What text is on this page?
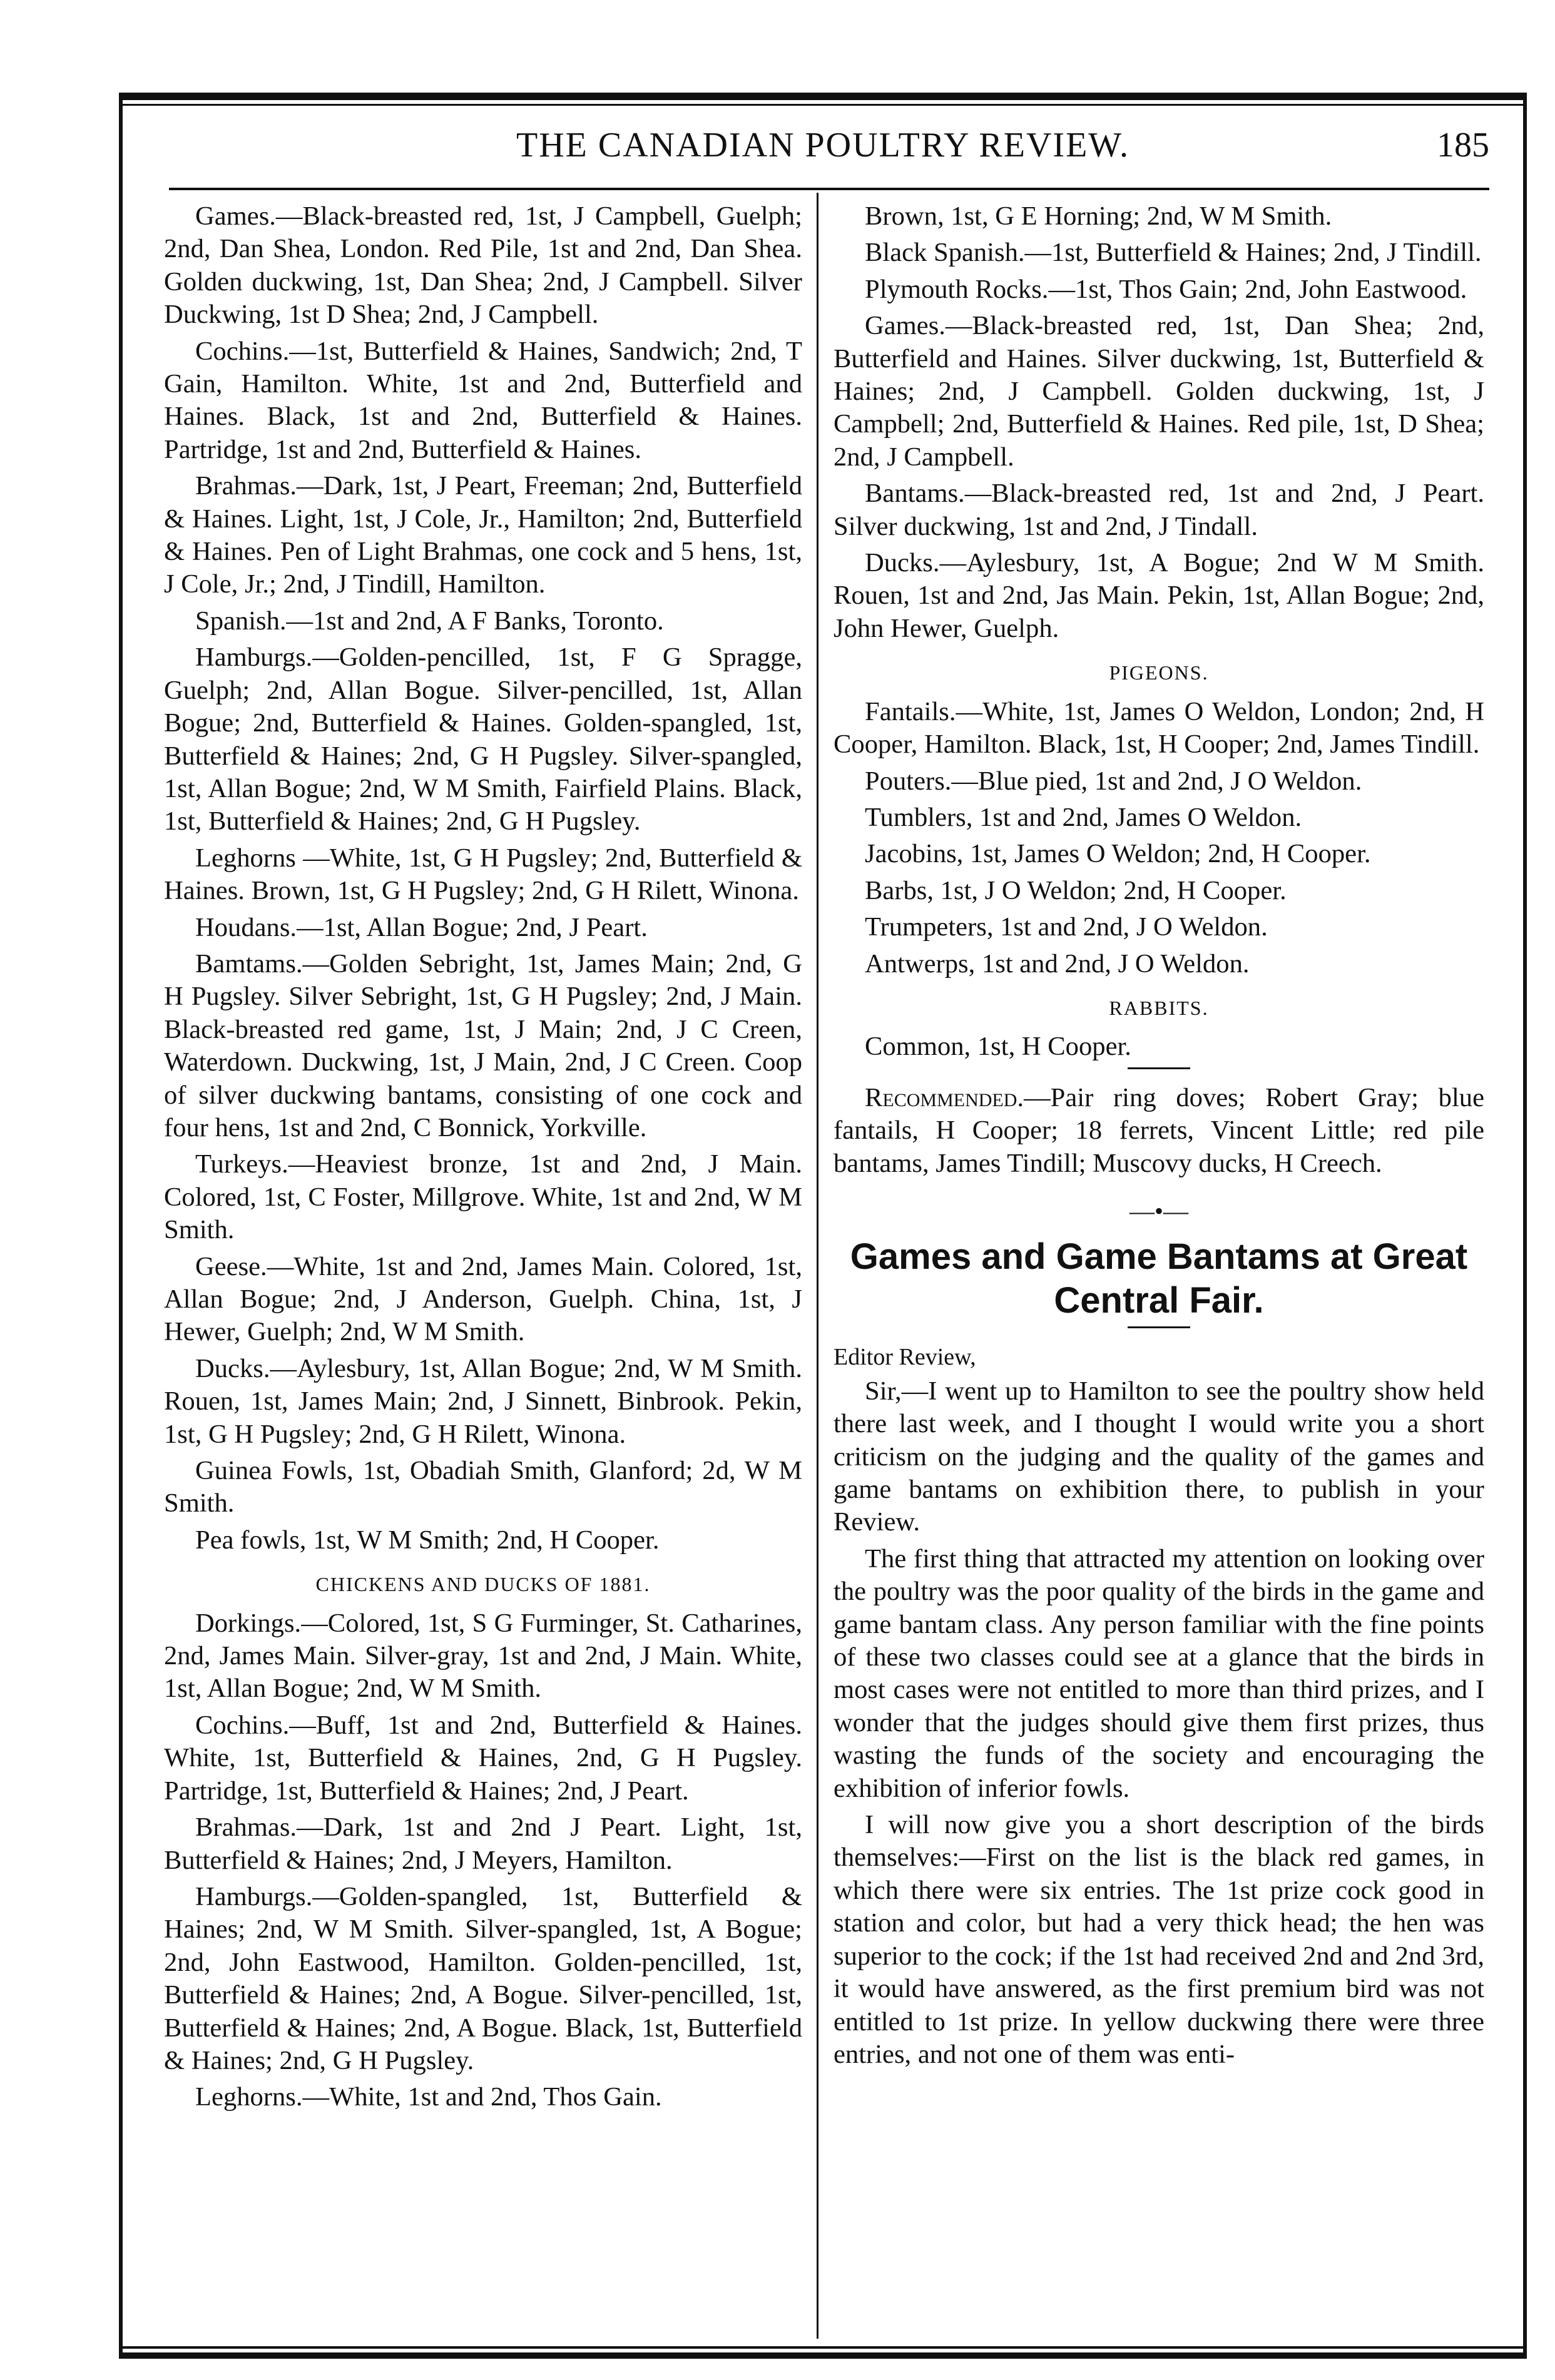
THE CANADIAN POULTRY REVIEW.	185

Games.—Black-breasted red, 1st, J Campbell, Guelph; 2nd, Dan Shea, London. Red Pile, 1st and 2nd, Dan Shea. Golden duckwing, 1st, Dan Shea; 2nd, J Campbell. Silver Duckwing, 1st D Shea; 2nd, J Campbell.

Cochins.—1st, Butterfield & Haines, Sandwich; 2nd, T Gain, Hamilton. White, 1st and 2nd, Butterfield and Haines. Black, 1st and 2nd, Butterfield & Haines. Partridge, 1st and 2nd, Butterfield & Haines.

Brahmas.—Dark, 1st, J Peart, Freeman; 2nd, Butterfield & Haines. Light, 1st, J Cole, Jr., Hamilton; 2nd, Butterfield & Haines. Pen of Light Brahmas, one cock and 5 hens, 1st, J Cole, Jr.; 2nd, J Tindill, Hamilton.

Spanish.—1st and 2nd, A F Banks, Toronto.

Hamburgs.—Golden-pencilled, 1st, F G Spragge, Guelph; 2nd, Allan Bogue. Silver-pencilled, 1st, Allan Bogue; 2nd, Butterfield & Haines. Golden-spangled, 1st, Butterfield & Haines; 2nd, G H Pugsley. Silver-spangled, 1st, Allan Bogue; 2nd, W M Smith, Fairfield Plains. Black, 1st, Butterfield & Haines; 2nd, G H Pugsley.

Leghorns —White, 1st, G H Pugsley; 2nd, Butterfield & Haines. Brown, 1st, G H Pugsley; 2nd, G H Rilett, Winona.

Houdans.—1st, Allan Bogue; 2nd, J Peart.

Bamtams.—Golden Sebright, 1st, James Main; 2nd, G H Pugsley. Silver Sebright, 1st, G H Pugsley; 2nd, J Main. Black-breasted red game, 1st, J Main; 2nd, J C Creen, Waterdown. Duckwing, 1st, J Main, 2nd, J C Creen. Coop of silver duckwing bantams, consisting of one cock and four hens, 1st and 2nd, C Bonnick, Yorkville.

Turkeys.—Heaviest bronze, 1st and 2nd, J Main. Colored, 1st, C Foster, Millgrove. White, 1st and 2nd, W M Smith.

Geese.—White, 1st and 2nd, James Main. Colored, 1st, Allan Bogue; 2nd, J Anderson, Guelph. China, 1st, J Hewer, Guelph; 2nd, W M Smith.

Ducks.—Aylesbury, 1st, Allan Bogue; 2nd, W M Smith. Rouen, 1st, James Main; 2nd, J Sinnett, Binbrook. Pekin, 1st, G H Pugsley; 2nd, G H Rilett, Winona.

Guinea Fowls, 1st, Obadiah Smith, Glanford; 2d, W M Smith.

Pea fowls, 1st, W M Smith; 2nd, H Cooper.

CHICKENS AND DUCKS OF 1881.

Dorkings.—Colored, 1st, S G Furminger, St. Catharines, 2nd, James Main. Silver-gray, 1st and 2nd, J Main. White, 1st, Allan Bogue; 2nd, W M Smith.

Cochins.—Buff, 1st and 2nd, Butterfield & Haines. White, 1st, Butterfield & Haines, 2nd, G H Pugsley. Partridge, 1st, Butterfield & Haines; 2nd, J Peart.

Brahmas.—Dark, 1st and 2nd J Peart. Light, 1st, Butterfield & Haines; 2nd, J Meyers, Hamilton.

Hamburgs.—Golden-spangled, 1st, Butterfield & Haines; 2nd, W M Smith. Silver-spangled, 1st, A Bogue; 2nd, John Eastwood, Hamilton. Golden-pencilled, 1st, Butterfield & Haines; 2nd, A Bogue. Silver-pencilled, 1st, Butterfield & Haines; 2nd, A Bogue. Black, 1st, Butterfield & Haines; 2nd, G H Pugsley.

Leghorns.—White, 1st and 2nd, Thos Gain.

Brown, 1st, G E Horning; 2nd, W M Smith.

Black Spanish.—1st, Butterfield & Haines; 2nd, J Tindill.

Plymouth Rocks.—1st, Thos Gain; 2nd, John Eastwood.

Games.—Black-breasted red, 1st, Dan Shea; 2nd, Butterfield and Haines. Silver duckwing, 1st, Butterfield & Haines; 2nd, J Campbell. Golden duckwing, 1st, J Campbell; 2nd, Butterfield & Haines. Red pile, 1st, D Shea; 2nd, J Campbell.

Bantams.—Black-breasted red, 1st and 2nd, J Peart. Silver duckwing, 1st and 2nd, J Tindall.

Ducks.—Aylesbury, 1st, A Bogue; 2nd W M Smith. Rouen, 1st and 2nd, Jas Main. Pekin, 1st, Allan Bogue; 2nd, John Hewer, Guelph.

PIGEONS.

Fantails.—White, 1st, James O Weldon, London; 2nd, H Cooper, Hamilton. Black, 1st, H Cooper; 2nd, James Tindill.

Pouters.—Blue pied, 1st and 2nd, J O Weldon.

Tumblers, 1st and 2nd, James O Weldon.

Jacobins, 1st, James O Weldon; 2nd, H Cooper.

Barbs, 1st, J O Weldon; 2nd, H Cooper.

Trumpeters, 1st and 2nd, J O Weldon.

Antwerps, 1st and 2nd, J O Weldon.

RABBITS.

Common, 1st, H Cooper.

Recommended.—Pair ring doves; Robert Gray; blue fantails, H Cooper; 18 ferrets, Vincent Little; red pile bantams, James Tindill; Muscovy ducks, H Creech.

—•—
Games and Game Bantams at Great Central Fair.

Editor Review,

Sir,—I went up to Hamilton to see the poultry show held there last week, and I thought I would write you a short criticism on the judging and the quality of the games and game bantams on exhibition there, to publish in your Review.

The first thing that attracted my attention on looking over the poultry was the poor quality of the birds in the game and game bantam class. Any person familiar with the fine points of these two classes could see at a glance that the birds in most cases were not entitled to more than third prizes, and I wonder that the judges should give them first prizes, thus wasting the funds of the society and encouraging the exhibition of inferior fowls.

I will now give you a short description of the birds themselves:—First on the list is the black red games, in which there were six entries. The 1st prize cock good in station and color, but had a very thick head; the hen was superior to the cock; if the 1st had received 2nd and 2nd 3rd, it would have answered, as the first premium bird was not entitled to 1st prize. In yellow duckwing there were three entries, and not one of them was enti-
